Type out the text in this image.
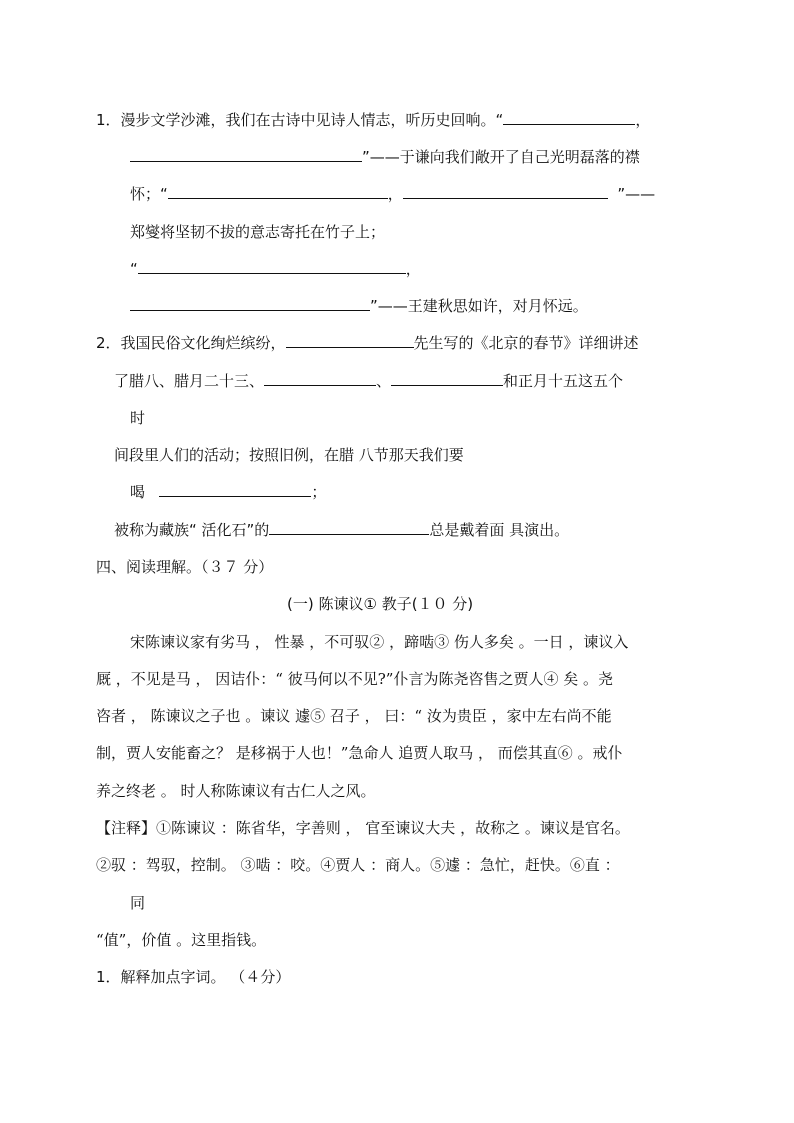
1．漫步文学沙滩，我们在古诗中见诗人情志，听历史回响。“	，
”——于谦向我们敞开了自己光明磊落的襟
怀；“	，	”——
郑燮将坚韧不拔的意志寄托在竹子上；
“	，
”——王建秋思如许，对月怀远。
2．我国民俗文化绚烂缤纷，	先生写的《北京的春节》详细讲述
了腊八、腊月二十三、	、	和正月十五这五个
时
间段里人们的活动；按照旧例，在腊 八节那天我们要
喝	；
被称为藏族“ 活化石”的	总是戴着面 具演出。
四、阅读理解。（３７ 分）
(一) 陈谏议① 教子(１０ 分)
宋陈谏议家有劣马 ， 性暴 ，不可驭② ，蹄啮③ 伤人多矣 。一日 ，谏议入
厩 ，不见是马 ， 因诘仆：“ 彼马何以不见?”仆言为陈尧咨售之贾人④ 矣 。尧
咨者 ， 陈谏议之子也 。谏议 遽⑤ 召子 ， 曰：“ 汝为贵臣 ，家中左右尚不能
制，贾人安能畜之？ 是移祸于人也！”急命人 追贾人取马 ， 而偿其直⑥ 。戒仆
养之终老 。 时人称陈谏议有古仁人之风。
【注释】①陈谏议 ：陈省华，字善则 ， 官至谏议大夫 ，故称之 。谏议是官名。
②驭 ：驾驭，控制。 ③啮 ：咬。④贾人 ：商人。⑤遽 ：急忙，赶快。⑥直 ：
同
“值”，价值 。这里指钱。
1．解释加点字词。 （４分）
